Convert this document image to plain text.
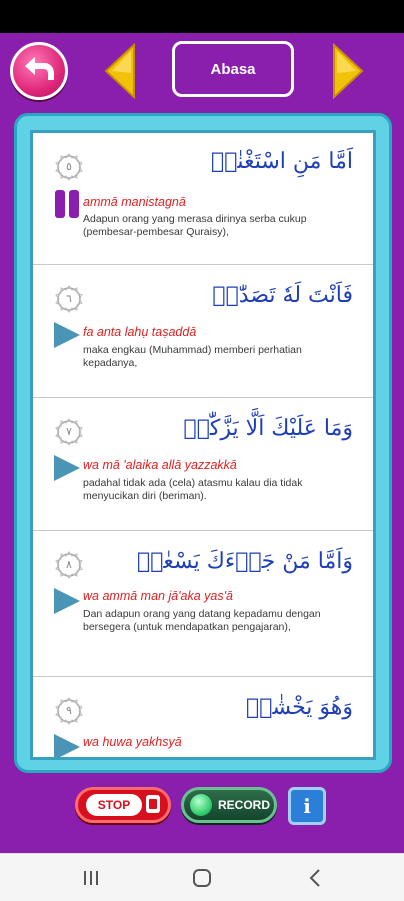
Abasa
٥	اَمَّا مَنِ اسْتَغْنٰىۙ
ammā manistagnā
Adapun orang yang merasa dirinya serba cukup (pembesar-pembesar Quraisy),
٦	فَاَنْتَ لَهٗ تَصَدّٰىۗ
fa anta lahụ taṣaddā
maka engkau (Muhammad) memberi perhatian kepadanya,
٧	وَمَا عَلَيْكَ اَلَّا يَزَّكّٰىۗ
wa mā 'alaika allā yazzakkā
padahal tidak ada (cela) atasmu kalau dia tidak menyucikan diri (beriman).
٨	وَاَمَّا مَنْ جَاۤءَكَ يَسْعٰىۙ
wa ammā man jā'aka yas'ā
Dan adapun orang yang datang kepadamu dengan bersegera (untuk mendapatkan pengajaran),
٩	وَهُوَ يَخْشٰىۙ
wa huwa yakhsyā
STOP	RECORD	i
